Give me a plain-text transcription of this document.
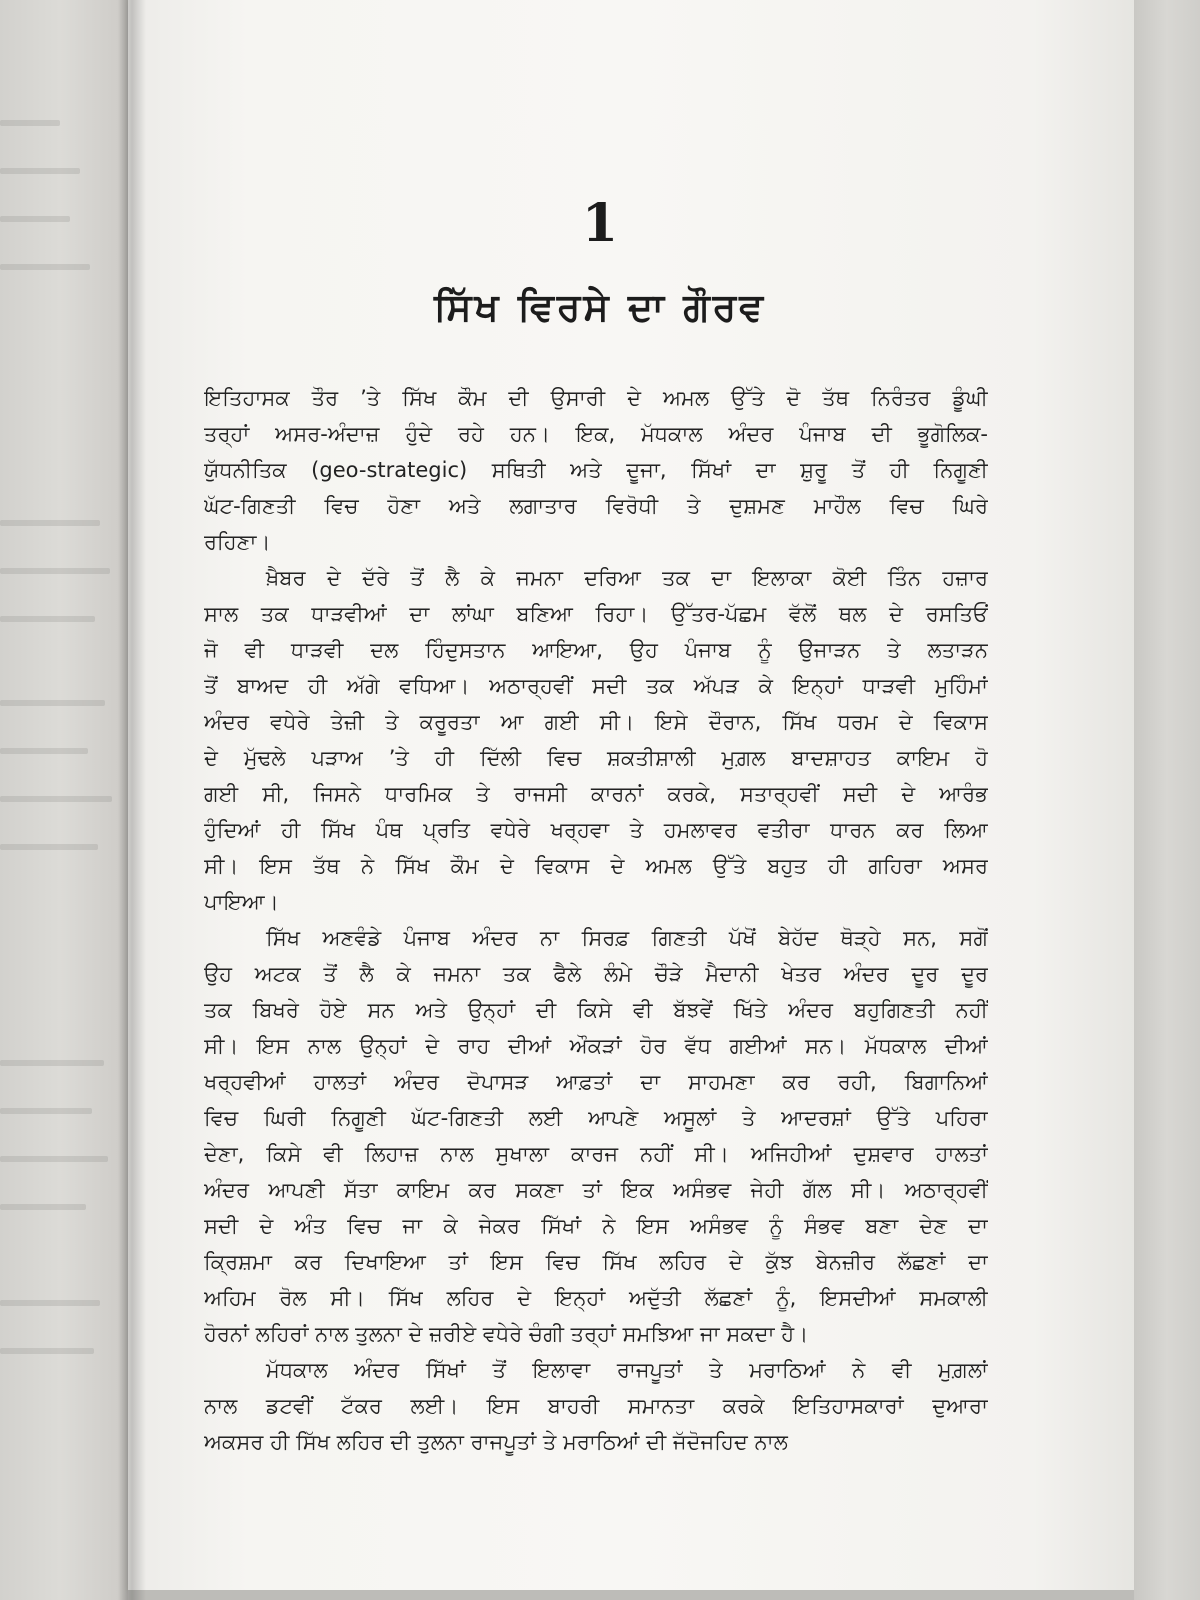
1
ਸਿੱਖ ਵਿਰਸੇ ਦਾ ਗੌਰਵ
ਇਤਿਹਾਸਕ ਤੌਰ ’ਤੇ ਸਿੱਖ ਕੌਮ ਦੀ ਉਸਾਰੀ ਦੇ ਅਮਲ ਉੱਤੇ ਦੋ ਤੱਥ ਨਿਰੰਤਰ ਡੂੰਘੀ
ਤਰ੍ਹਾਂ ਅਸਰ-ਅੰਦਾਜ਼ ਹੁੰਦੇ ਰਹੇ ਹਨ। ਇਕ, ਮੱਧਕਾਲ ਅੰਦਰ ਪੰਜਾਬ ਦੀ ਭੂਗੋਲਿਕ-
ਯੁੱਧਨੀਤਿਕ (geo-strategic) ਸਥਿਤੀ ਅਤੇ ਦੂਜਾ, ਸਿੱਖਾਂ ਦਾ ਸ਼ੁਰੂ ਤੋਂ ਹੀ ਨਿਗੂਣੀ
ਘੱਟ-ਗਿਣਤੀ ਵਿਚ ਹੋਣਾ ਅਤੇ ਲਗਾਤਾਰ ਵਿਰੋਧੀ ਤੇ ਦੁਸ਼ਮਣ ਮਾਹੌਲ ਵਿਚ ਘਿਰੇ
ਰਹਿਣਾ।
ਖ਼ੈਬਰ ਦੇ ਦੱਰੇ ਤੋਂ ਲੈ ਕੇ ਜਮਨਾ ਦਰਿਆ ਤਕ ਦਾ ਇਲਾਕਾ ਕੋਈ ਤਿੰਨ ਹਜ਼ਾਰ
ਸਾਲ ਤਕ ਧਾੜਵੀਆਂ ਦਾ ਲਾਂਘਾ ਬਣਿਆ ਰਿਹਾ। ਉੱਤਰ-ਪੱਛਮ ਵੱਲੋਂ ਥਲ ਦੇ ਰਸਤਿਓਂ
ਜੋ ਵੀ ਧਾੜਵੀ ਦਲ ਹਿੰਦੁਸਤਾਨ ਆਇਆ, ਉਹ ਪੰਜਾਬ ਨੂੰ ਉਜਾੜਨ ਤੇ ਲਤਾੜਨ
ਤੋਂ ਬਾਅਦ ਹੀ ਅੱਗੇ ਵਧਿਆ। ਅਠਾਰ੍ਹਵੀਂ ਸਦੀ ਤਕ ਅੱਪੜ ਕੇ ਇਨ੍ਹਾਂ ਧਾੜਵੀ ਮੁਹਿੰਮਾਂ
ਅੰਦਰ ਵਧੇਰੇ ਤੇਜ਼ੀ ਤੇ ਕਰੂਰਤਾ ਆ ਗਈ ਸੀ। ਇਸੇ ਦੌਰਾਨ, ਸਿੱਖ ਧਰਮ ਦੇ ਵਿਕਾਸ
ਦੇ ਮੁੱਢਲੇ ਪੜਾਅ ’ਤੇ ਹੀ ਦਿੱਲੀ ਵਿਚ ਸ਼ਕਤੀਸ਼ਾਲੀ ਮੁਗ਼ਲ ਬਾਦਸ਼ਾਹਤ ਕਾਇਮ ਹੋ
ਗਈ ਸੀ, ਜਿਸਨੇ ਧਾਰਮਿਕ ਤੇ ਰਾਜਸੀ ਕਾਰਨਾਂ ਕਰਕੇ, ਸਤਾਰ੍ਹਵੀਂ ਸਦੀ ਦੇ ਆਰੰਭ
ਹੁੰਦਿਆਂ ਹੀ ਸਿੱਖ ਪੰਥ ਪ੍ਰਤਿ ਵਧੇਰੇ ਖਰ੍ਹਵਾ ਤੇ ਹਮਲਾਵਰ ਵਤੀਰਾ ਧਾਰਨ ਕਰ ਲਿਆ
ਸੀ। ਇਸ ਤੱਥ ਨੇ ਸਿੱਖ ਕੌਮ ਦੇ ਵਿਕਾਸ ਦੇ ਅਮਲ ਉੱਤੇ ਬਹੁਤ ਹੀ ਗਹਿਰਾ ਅਸਰ
ਪਾਇਆ।
ਸਿੱਖ ਅਣਵੰਡੇ ਪੰਜਾਬ ਅੰਦਰ ਨਾ ਸਿਰਫ਼ ਗਿਣਤੀ ਪੱਖੋਂ ਬੇਹੱਦ ਥੋੜ੍ਹੇ ਸਨ, ਸਗੋਂ
ਉਹ ਅਟਕ ਤੋਂ ਲੈ ਕੇ ਜਮਨਾ ਤਕ ਫੈਲੇ ਲੰਮੇ ਚੌੜੇ ਮੈਦਾਨੀ ਖੇਤਰ ਅੰਦਰ ਦੂਰ ਦੂਰ
ਤਕ ਬਿਖਰੇ ਹੋਏ ਸਨ ਅਤੇ ਉਨ੍ਹਾਂ ਦੀ ਕਿਸੇ ਵੀ ਬੱਝਵੇਂ ਖਿੱਤੇ ਅੰਦਰ ਬਹੁਗਿਣਤੀ ਨਹੀਂ
ਸੀ। ਇਸ ਨਾਲ ਉਨ੍ਹਾਂ ਦੇ ਰਾਹ ਦੀਆਂ ਔਕੜਾਂ ਹੋਰ ਵੱਧ ਗਈਆਂ ਸਨ। ਮੱਧਕਾਲ ਦੀਆਂ
ਖਰ੍ਹਵੀਆਂ ਹਾਲਤਾਂ ਅੰਦਰ ਦੋਪਾਸੜ ਆਫ਼ਤਾਂ ਦਾ ਸਾਹਮਣਾ ਕਰ ਰਹੀ, ਬਿਗਾਨਿਆਂ
ਵਿਚ ਘਿਰੀ ਨਿਗੂਣੀ ਘੱਟ-ਗਿਣਤੀ ਲਈ ਆਪਣੇ ਅਸੂਲਾਂ ਤੇ ਆਦਰਸ਼ਾਂ ਉੱਤੇ ਪਹਿਰਾ
ਦੇਣਾ, ਕਿਸੇ ਵੀ ਲਿਹਾਜ਼ ਨਾਲ ਸੁਖਾਲਾ ਕਾਰਜ ਨਹੀਂ ਸੀ। ਅਜਿਹੀਆਂ ਦੁਸ਼ਵਾਰ ਹਾਲਤਾਂ
ਅੰਦਰ ਆਪਣੀ ਸੱਤਾ ਕਾਇਮ ਕਰ ਸਕਣਾ ਤਾਂ ਇਕ ਅਸੰਭਵ ਜੇਹੀ ਗੱਲ ਸੀ। ਅਠਾਰ੍ਹਵੀਂ
ਸਦੀ ਦੇ ਅੰਤ ਵਿਚ ਜਾ ਕੇ ਜੇਕਰ ਸਿੱਖਾਂ ਨੇ ਇਸ ਅਸੰਭਵ ਨੂੰ ਸੰਭਵ ਬਣਾ ਦੇਣ ਦਾ
ਕ੍ਰਿਸ਼ਮਾ ਕਰ ਦਿਖਾਇਆ ਤਾਂ ਇਸ ਵਿਚ ਸਿੱਖ ਲਹਿਰ ਦੇ ਕੁੱਝ ਬੇਨਜ਼ੀਰ ਲੱਛਣਾਂ ਦਾ
ਅਹਿਮ ਰੋਲ ਸੀ। ਸਿੱਖ ਲਹਿਰ ਦੇ ਇਨ੍ਹਾਂ ਅਦੁੱਤੀ ਲੱਛਣਾਂ ਨੂੰ, ਇਸਦੀਆਂ ਸਮਕਾਲੀ
ਹੋਰਨਾਂ ਲਹਿਰਾਂ ਨਾਲ ਤੁਲਨਾ ਦੇ ਜ਼ਰੀਏ ਵਧੇਰੇ ਚੰਗੀ ਤਰ੍ਹਾਂ ਸਮਝਿਆ ਜਾ ਸਕਦਾ ਹੈ।
ਮੱਧਕਾਲ ਅੰਦਰ ਸਿੱਖਾਂ ਤੋਂ ਇਲਾਵਾ ਰਾਜਪੂਤਾਂ ਤੇ ਮਰਾਠਿਆਂ ਨੇ ਵੀ ਮੁਗ਼ਲਾਂ
ਨਾਲ ਡਟਵੀਂ ਟੱਕਰ ਲਈ। ਇਸ ਬਾਹਰੀ ਸਮਾਨਤਾ ਕਰਕੇ ਇਤਿਹਾਸਕਾਰਾਂ ਦੁਆਰਾ
ਅਕਸਰ ਹੀ ਸਿੱਖ ਲਹਿਰ ਦੀ ਤੁਲਨਾ ਰਾਜਪੂਤਾਂ ਤੇ ਮਰਾਠਿਆਂ ਦੀ ਜੱਦੋਜਹਿਦ ਨਾਲ
